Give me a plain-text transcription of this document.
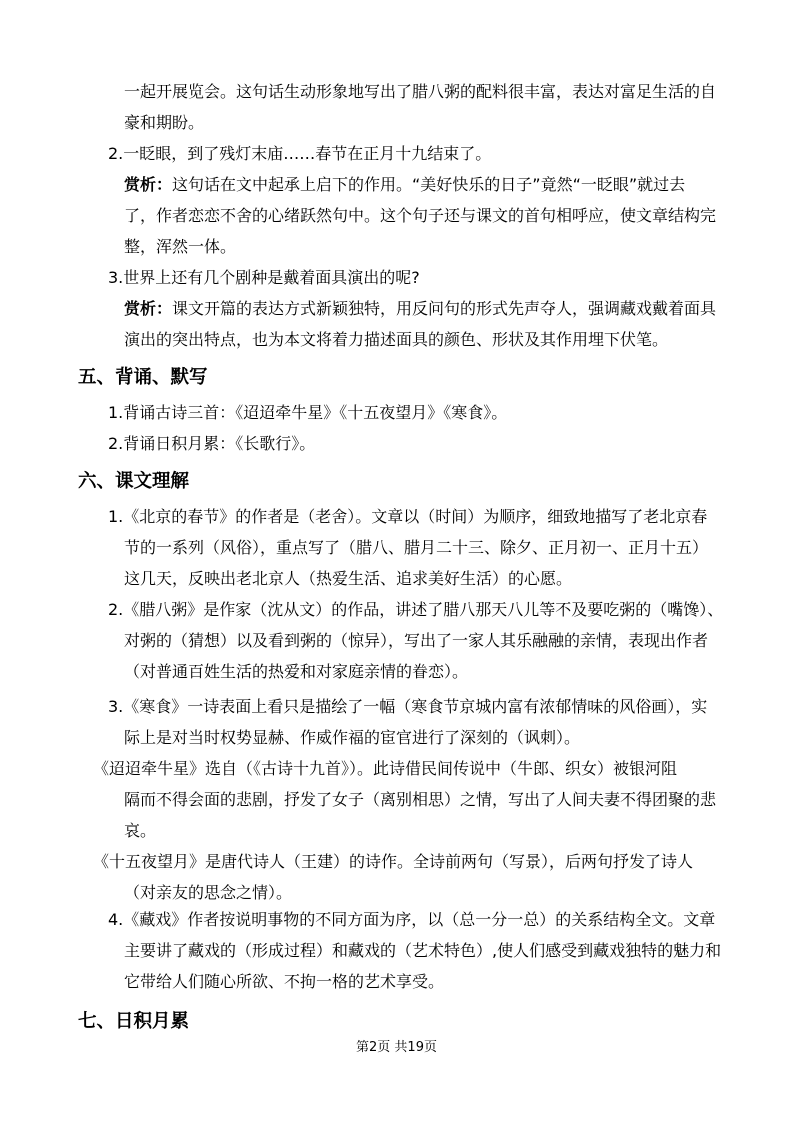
一起开展览会。这句话生动形象地写出了腊八粥的配料很丰富，表达对富足生活的自
豪和期盼。
2.一眨眼，到了残灯末庙……春节在正月十九结束了。
赏析：这句话在文中起承上启下的作用。“美好快乐的日子”竟然“一眨眼”就过去
了，作者恋恋不舍的心绪跃然句中。这个句子还与课文的首句相呼应，使文章结构完
整，浑然一体。
3.世界上还有几个剧种是戴着面具演出的呢?
赏析：课文开篇的表达方式新颖独特，用反问句的形式先声夺人，强调藏戏戴着面具
演出的突出特点，也为本文将着力描述面具的颜色、形状及其作用埋下伏笔。
五、背诵、默写
1.背诵古诗三首：《迢迢牵牛星》《十五夜望月》《寒食》。
2.背诵日积月累：《长歌行》。
六、课文理解
1.《北京的春节》的作者是（老舍）。文章以（时间）为顺序，细致地描写了老北京春
节的一系列（风俗），重点写了（腊八、腊月二十三、除夕、正月初一、正月十五）
这几天，反映出老北京人（热爱生活、追求美好生活）的心愿。
2.《腊八粥》是作家（沈从文）的作品，讲述了腊八那天八儿等不及要吃粥的（嘴馋）、
对粥的（猜想）以及看到粥的（惊异），写出了一家人其乐融融的亲情，表现出作者
（对普通百姓生活的热爱和对家庭亲情的眷恋）。
3.《寒食》一诗表面上看只是描绘了一幅（寒食节京城内富有浓郁情味的风俗画），实
际上是对当时权势显赫、作威作福的宦官进行了深刻的（讽刺）。
《迢迢牵牛星》选自（《古诗十九首》）。此诗借民间传说中（牛郎、织女）被银河阻
隔而不得会面的悲剧，抒发了女子（离别相思）之情，写出了人间夫妻不得团聚的悲
哀。
《十五夜望月》是唐代诗人（王建）的诗作。全诗前两句（写景），后两句抒发了诗人
（对亲友的思念之情）。
4.《藏戏》作者按说明事物的不同方面为序，以（总一分一总）的关系结构全文。文章
主要讲了藏戏的（形成过程）和藏戏的（艺术特色）,使人们感受到藏戏独特的魅力和
它带给人们随心所欲、不拘一格的艺术享受。
七、日积月累
第2页 共19页
